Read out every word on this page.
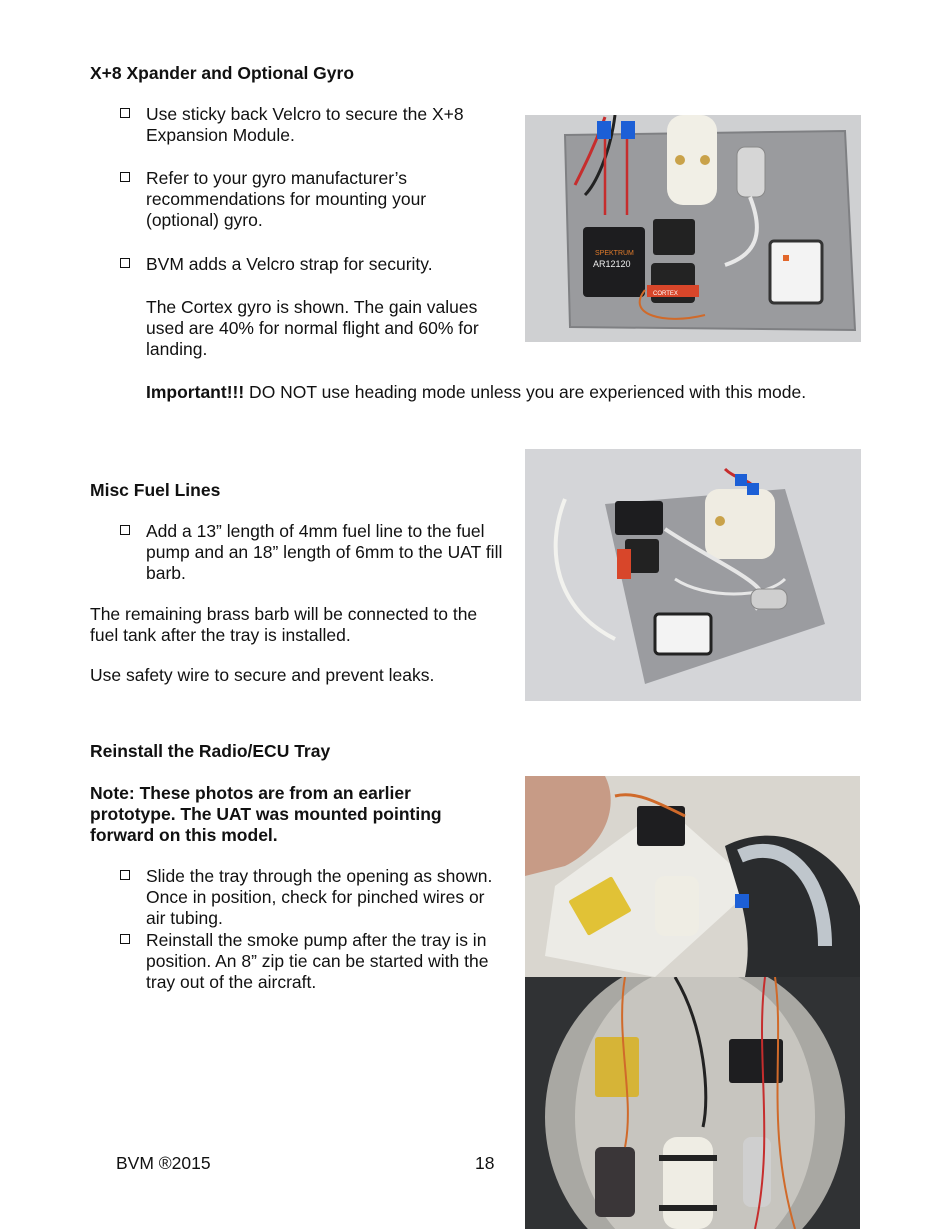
X+8 Xpander and Optional Gyro
Use sticky back Velcro to secure the X+8 Expansion Module.
Refer to your gyro manufacturer’s recommendations for mounting your (optional) gyro.
BVM adds a Velcro strap for security.

The Cortex gyro is shown. The gain values used are 40% for normal flight and 60% for landing.

Important!!! DO NOT use heading mode unless you are experienced with this mode.

SPEKTRUM
AR12120
CORTEX
Misc Fuel Lines
Add a 13” length of 4mm fuel line to the fuel pump and an 18” length of 6mm to the UAT fill barb.

The remaining brass barb will be connected to the fuel tank after the tray is installed.

Use safety wire to secure and prevent leaks.

Reinstall the Radio/ECU Tray

Note: These photos are from an earlier prototype. The UAT was mounted pointing forward on this model.

Slide the tray through the opening as shown. Once in position, check for pinched wires or air tubing.
Reinstall the smoke pump after the tray is in position. An 8” zip tie can be started with the tray out of the aircraft.
BVM ®2015	18
